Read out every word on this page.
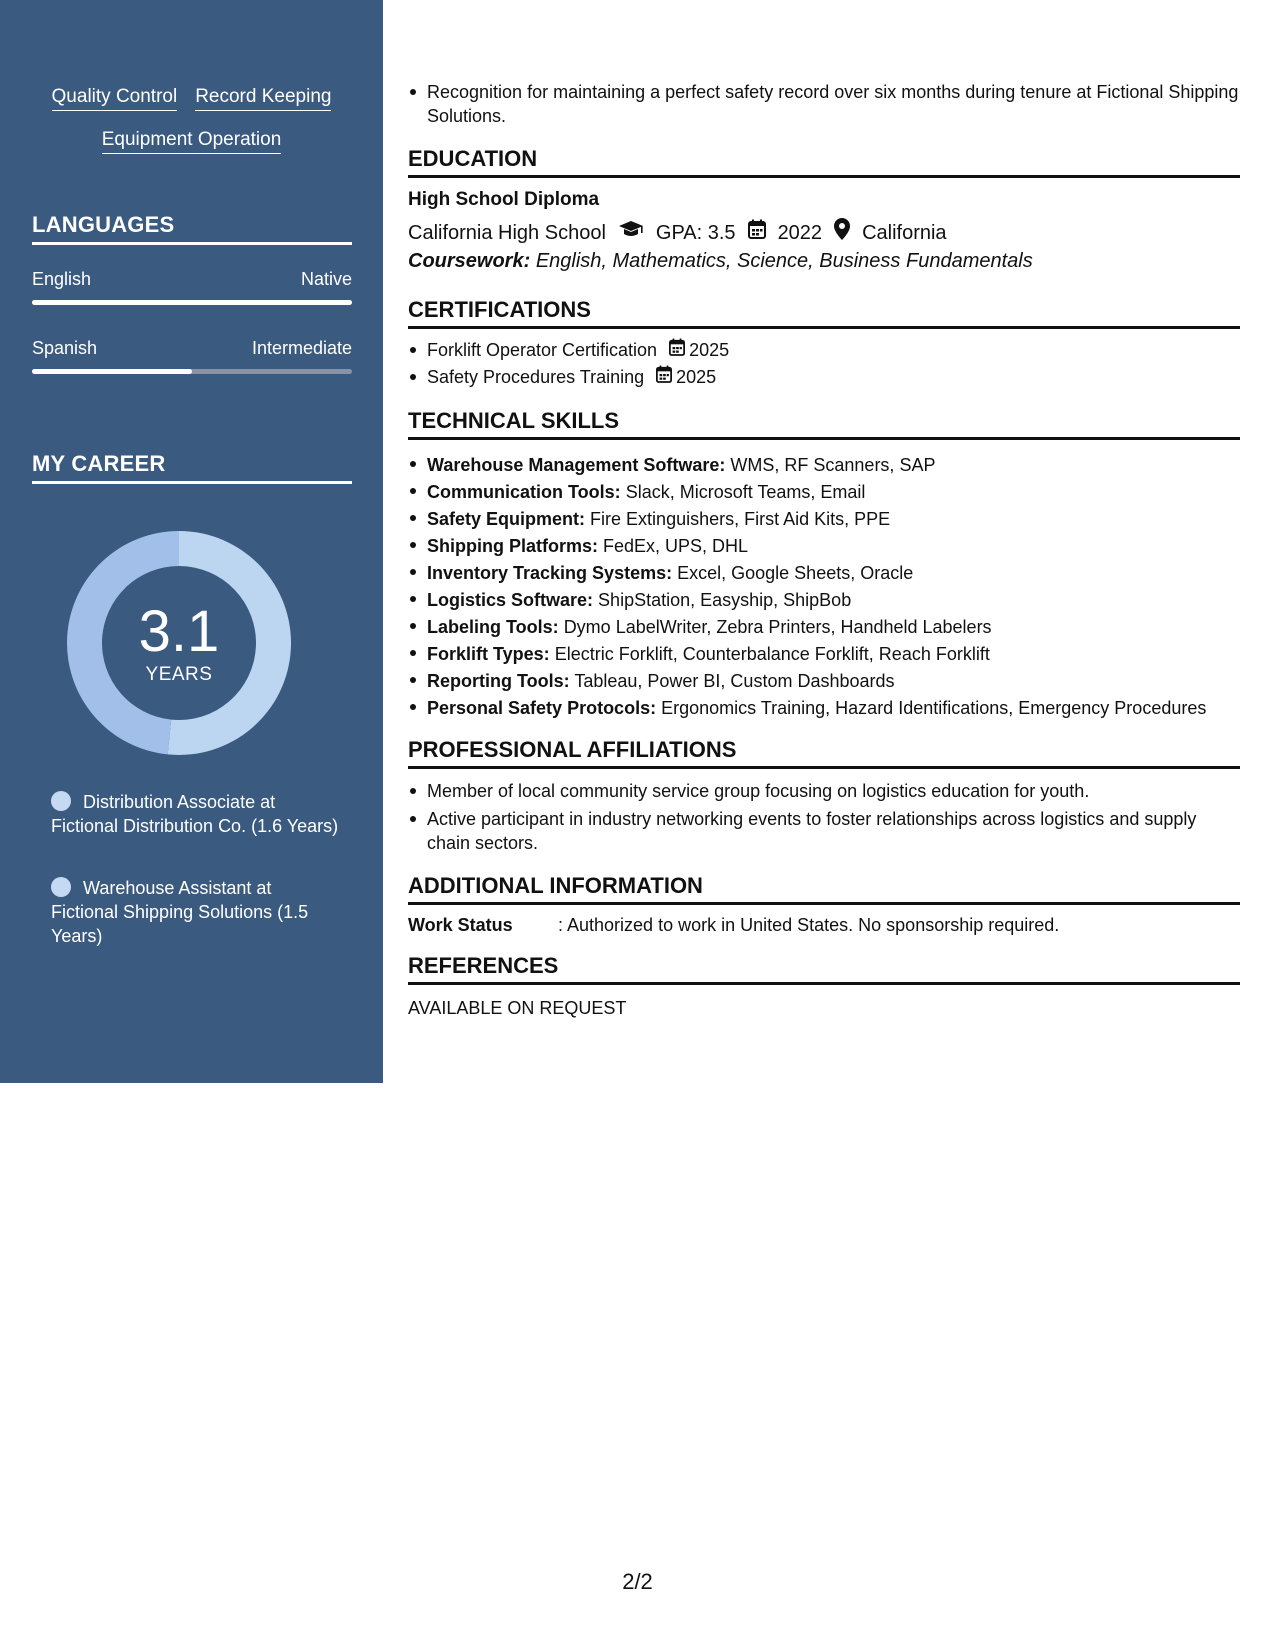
Quality Control Record Keeping
Equipment Operation
LANGUAGES
English	Native
Spanish	Intermediate
MY CAREER
3.1
YEARS
Distribution Associate at Fictional Distribution Co. (1.6 Years)
Warehouse Assistant at Fictional Shipping Solutions (1.5 Years)
Recognition for maintaining a perfect safety record over six months during tenure at Fictional Shipping Solutions.
EDUCATION
High School Diploma
California High School	GPA: 3.5 2022 California
Coursework: English, Mathematics, Science, Business Fundamentals
CERTIFICATIONS
Forklift Operator Certification 2025
Safety Procedures Training 2025
TECHNICAL SKILLS
Warehouse Management Software: WMS, RF Scanners, SAP
Communication Tools: Slack, Microsoft Teams, Email
Safety Equipment: Fire Extinguishers, First Aid Kits, PPE
Shipping Platforms: FedEx, UPS, DHL
Inventory Tracking Systems: Excel, Google Sheets, Oracle
Logistics Software: ShipStation, Easyship, ShipBob
Labeling Tools: Dymo LabelWriter, Zebra Printers, Handheld Labelers
Forklift Types: Electric Forklift, Counterbalance Forklift, Reach Forklift
Reporting Tools: Tableau, Power BI, Custom Dashboards
Personal Safety Protocols: Ergonomics Training, Hazard Identifications, Emergency Procedures
PROFESSIONAL AFFILIATIONS
Member of local community service group focusing on logistics education for youth.
Active participant in industry networking events to foster relationships across logistics and supply chain sectors.
ADDITIONAL INFORMATION
Work Status	: Authorized to work in United States. No sponsorship required.
REFERENCES
AVAILABLE ON REQUEST
2/2
